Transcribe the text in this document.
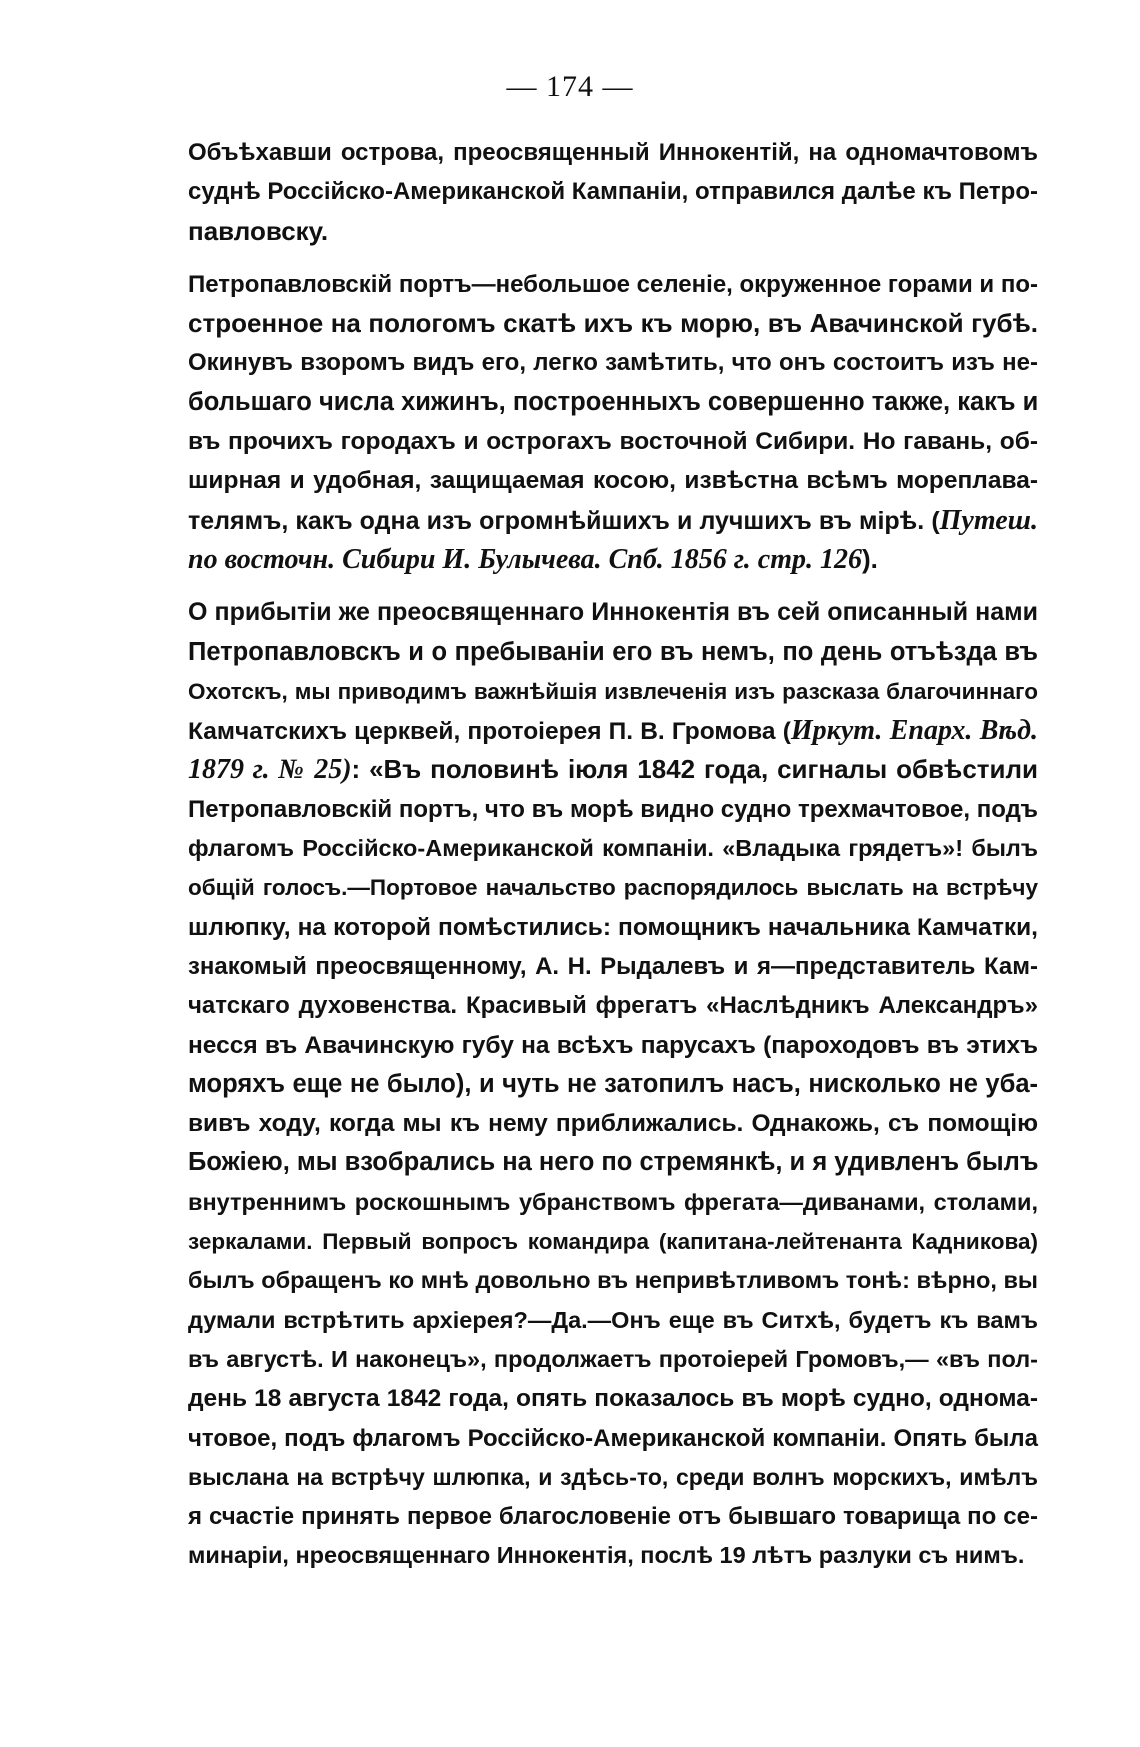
— 174 —
Объѣхавши острова, преосвященный Иннокентій, на одномачтовомъ
суднѣ Россійско-Американской Кампаніи, отправился далѣе къ Петро-
павловску.
Петропавловскій портъ—небольшое селеніе, окруженное горами и по-
строенное на пологомъ скатѣ ихъ къ морю, въ Авачинской губѣ.
Окинувъ взоромъ видъ его, легко замѣтить, что онъ состоитъ изъ не-
большаго числа хижинъ, построенныхъ совершенно также, какъ и
въ прочихъ городахъ и острогахъ восточной Сибири. Но гавань, об-
ширная и удобная, защищаемая косою, извѣстна всѣмъ мореплава-
телямъ, какъ одна изъ огромнѣйшихъ и лучшихъ въ мірѣ. (Путеш.
по восточн. Сибири И. Булычева. Спб. 1856 г. стр. 126).
О прибытіи же преосвященнаго Иннокентія въ сей описанный нами
Петропавловскъ и о пребываніи его въ немъ, по день отъѣзда въ
Охотскъ, мы приводимъ важнѣйшія извлеченія изъ разсказа благочиннаго
Камчатскихъ церквей, протоіерея П. В. Громова (Иркут. Епарх. Вѣд.
1879 г. № 25): «Въ половинѣ іюля 1842 года, сигналы обвѣстили
Петропавловскій портъ, что въ морѣ видно судно трехмачтовое, подъ
флагомъ Россійско-Американской компаніи. «Владыка грядетъ»! былъ
общій голосъ.—Портовое начальство распорядилось выслать на встрѣчу
шлюпку, на которой помѣстились: помощникъ начальника Камчатки,
знакомый преосвященному, А. Н. Рыдалевъ и я—представитель Кам-
чатскаго духовенства. Красивый фрегатъ «Наслѣдникъ Александръ»
несся въ Авачинскую губу на всѣхъ парусахъ (пароходовъ въ этихъ
моряхъ еще не было), и чуть не затопилъ насъ, нисколько не уба-
вивъ ходу, когда мы къ нему приближались. Однакожь, съ помощію
Божіею, мы взобрались на него по стремянкѣ, и я удивленъ былъ
внутреннимъ роскошнымъ убранствомъ фрегата—диванами, столами,
зеркалами. Первый вопросъ командира (капитана-лейтенанта Кадникова)
былъ обращенъ ко мнѣ довольно въ непривѣтливомъ тонѣ: вѣрно, вы
думали встрѣтить архіерея?—Да.—Онъ еще въ Ситхѣ, будетъ къ вамъ
въ августѣ. И наконецъ», продолжаетъ протоіерей Громовъ,— «въ пол-
день 18 августа 1842 года, опять показалось въ морѣ судно, однома-
чтовое, подъ флагомъ Россійско-Американской компаніи. Опять была
выслана на встрѣчу шлюпка, и здѣсь-то, среди волнъ морскихъ, имѣлъ
я счастіе принять первое благословеніе отъ бывшаго товарища по се-
минаріи, нреосвященнаго Иннокентія, послѣ 19 лѣтъ разлуки съ нимъ.
